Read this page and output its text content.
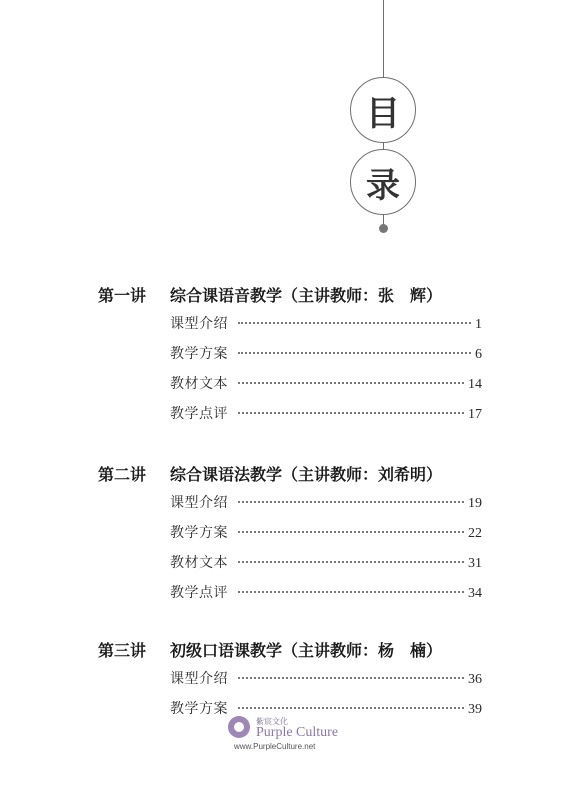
目
录
第一讲 综合课语音教学（主讲教师：张　辉）
课型介绍	1
教学方案	6
教材文本	14
教学点评	17
第二讲 综合课语法教学（主讲教师：刘希明）
课型介绍	19
教学方案	22
教材文本	31
教学点评	34
第三讲 初级口语课教学（主讲教师：杨　楠）
课型介绍	36
教学方案	39
紫宸文化
Purple Culture
www.PurpleCulture.net
